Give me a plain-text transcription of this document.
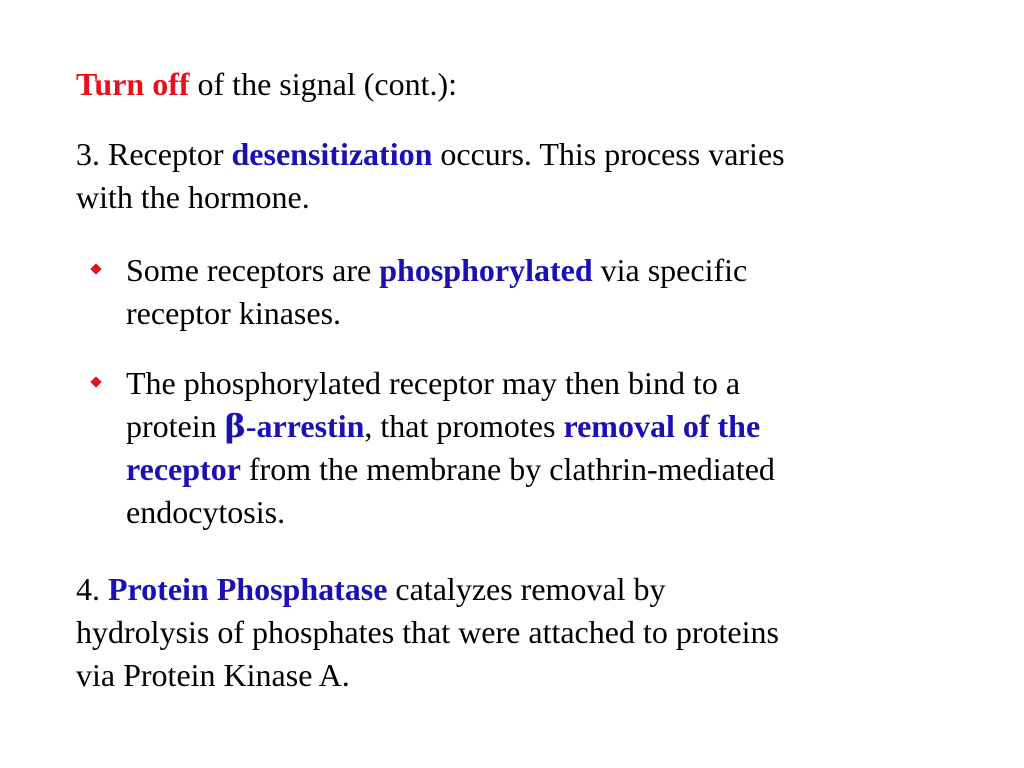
Turn off of the signal (cont.):

3. Receptor desensitization occurs. This process varies
with the hormone.

Some receptors are phosphorylated via specific
receptor kinases.
The phosphorylated receptor may then bind to a
protein β-arrestin, that promotes removal of the
receptor from the membrane by clathrin-mediated
endocytosis.

4. Protein Phosphatase catalyzes removal by
hydrolysis of phosphates that were attached to proteins
via Protein Kinase A.
